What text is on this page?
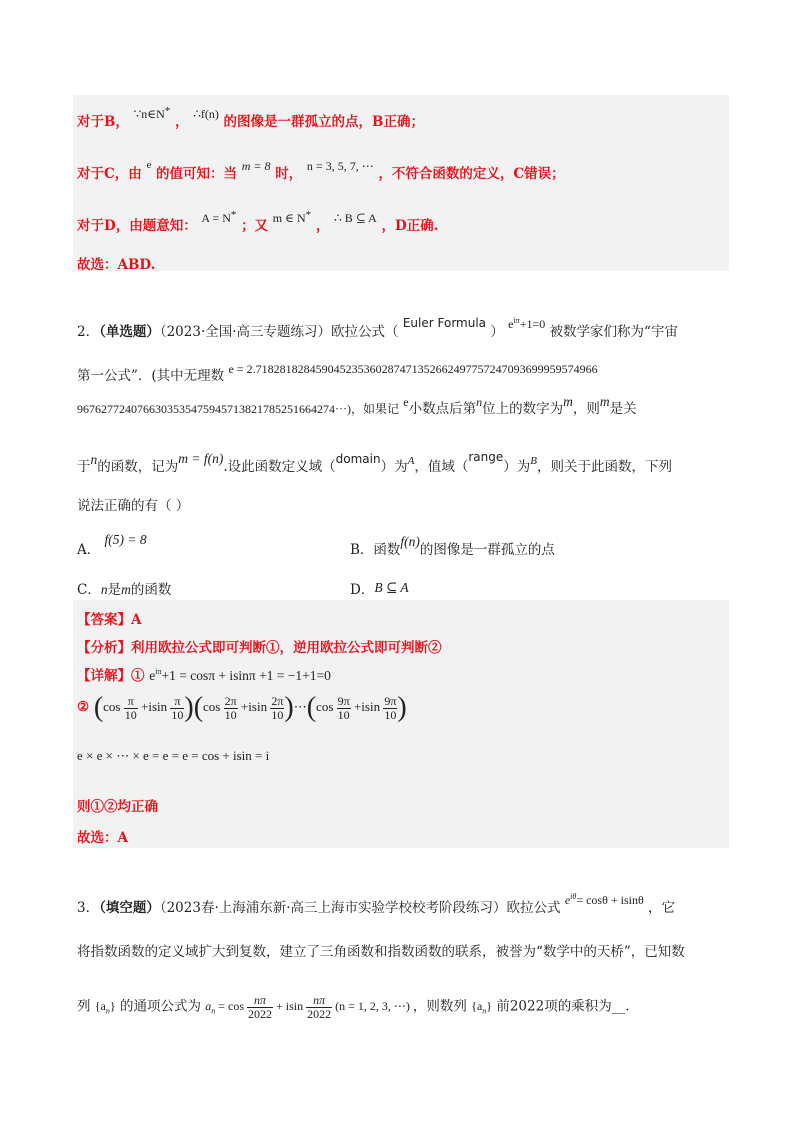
对于B， ∵n∈N* ， ∴f(n) 的图像是一群孤立的点，B正确；
对于C，由 $^e$ 的值可知：当 m = 8 时， n = 3, 5, 7, ⋯ ，不符合函数的定义，C错误；
对于D，由题意知： A = N* ；又 m ∈ N* ， ∴ B ⊆ A ，D正确.
故选：ABD.
2．（单选题）（2023·全国·高三专题练习）欧拉公式（ Euler Formula ） $e^{i\pi}+1=0$ 被数学家们称为“宇宙
第一公式”．(其中无理数 e = 2.718281828459045235360287471352662497757247093699959574966
9676277240766303535475945713821785251664274⋯)，如果记 e小数点后第n位上的数字为m，则m是关
于n的函数，记为m = f(n).设此函数定义域（domain）为$^A$，值域（range）为$^B$，则关于此函数，下列
说法正确的有（ ）
A． f(5) = 8
B．函数f(n)的图像是一群孤立的点
C．n是m的函数	D．B ⊆ A
【答案】A
【分析】利用欧拉公式即可判断①，逆用欧拉公式即可判断②
【详解】① $e^{i\pi}+1 = \cos\pi + isin\pi +1 = -1+1=0$
② $(\cos \frac{\pi}{10} +isin \frac{\pi}{10} )(\cos \frac{2\pi}{10} +isin \frac{2\pi}{10}$ )⋯(cos $\frac{9\pi}{10} +isin \frac{9\pi}{10}$ )
e × e × ⋯ × e = e = e = cos + isin = i
则①②均正确
故选：A
3．（填空题）（2023春·上海浦东新·高三上海市实验学校校考阶段练习）欧拉公式 $e^{i\theta}= \cos\theta + isin\theta$ ，它
将指数函数的定义域扩大到复数，建立了三角函数和指数函数的联系，被誉为“数学中的天桥”，已知数
列 $\{a_n\}$ 的通项公式为 $a_n = \cos \frac{n\pi}{2022} + isin \frac{n\pi}{2022} (n = 1$, 2, 3, ⋯) ，则数列 $\{a_n\}$ 前2022项的乘积为__.
